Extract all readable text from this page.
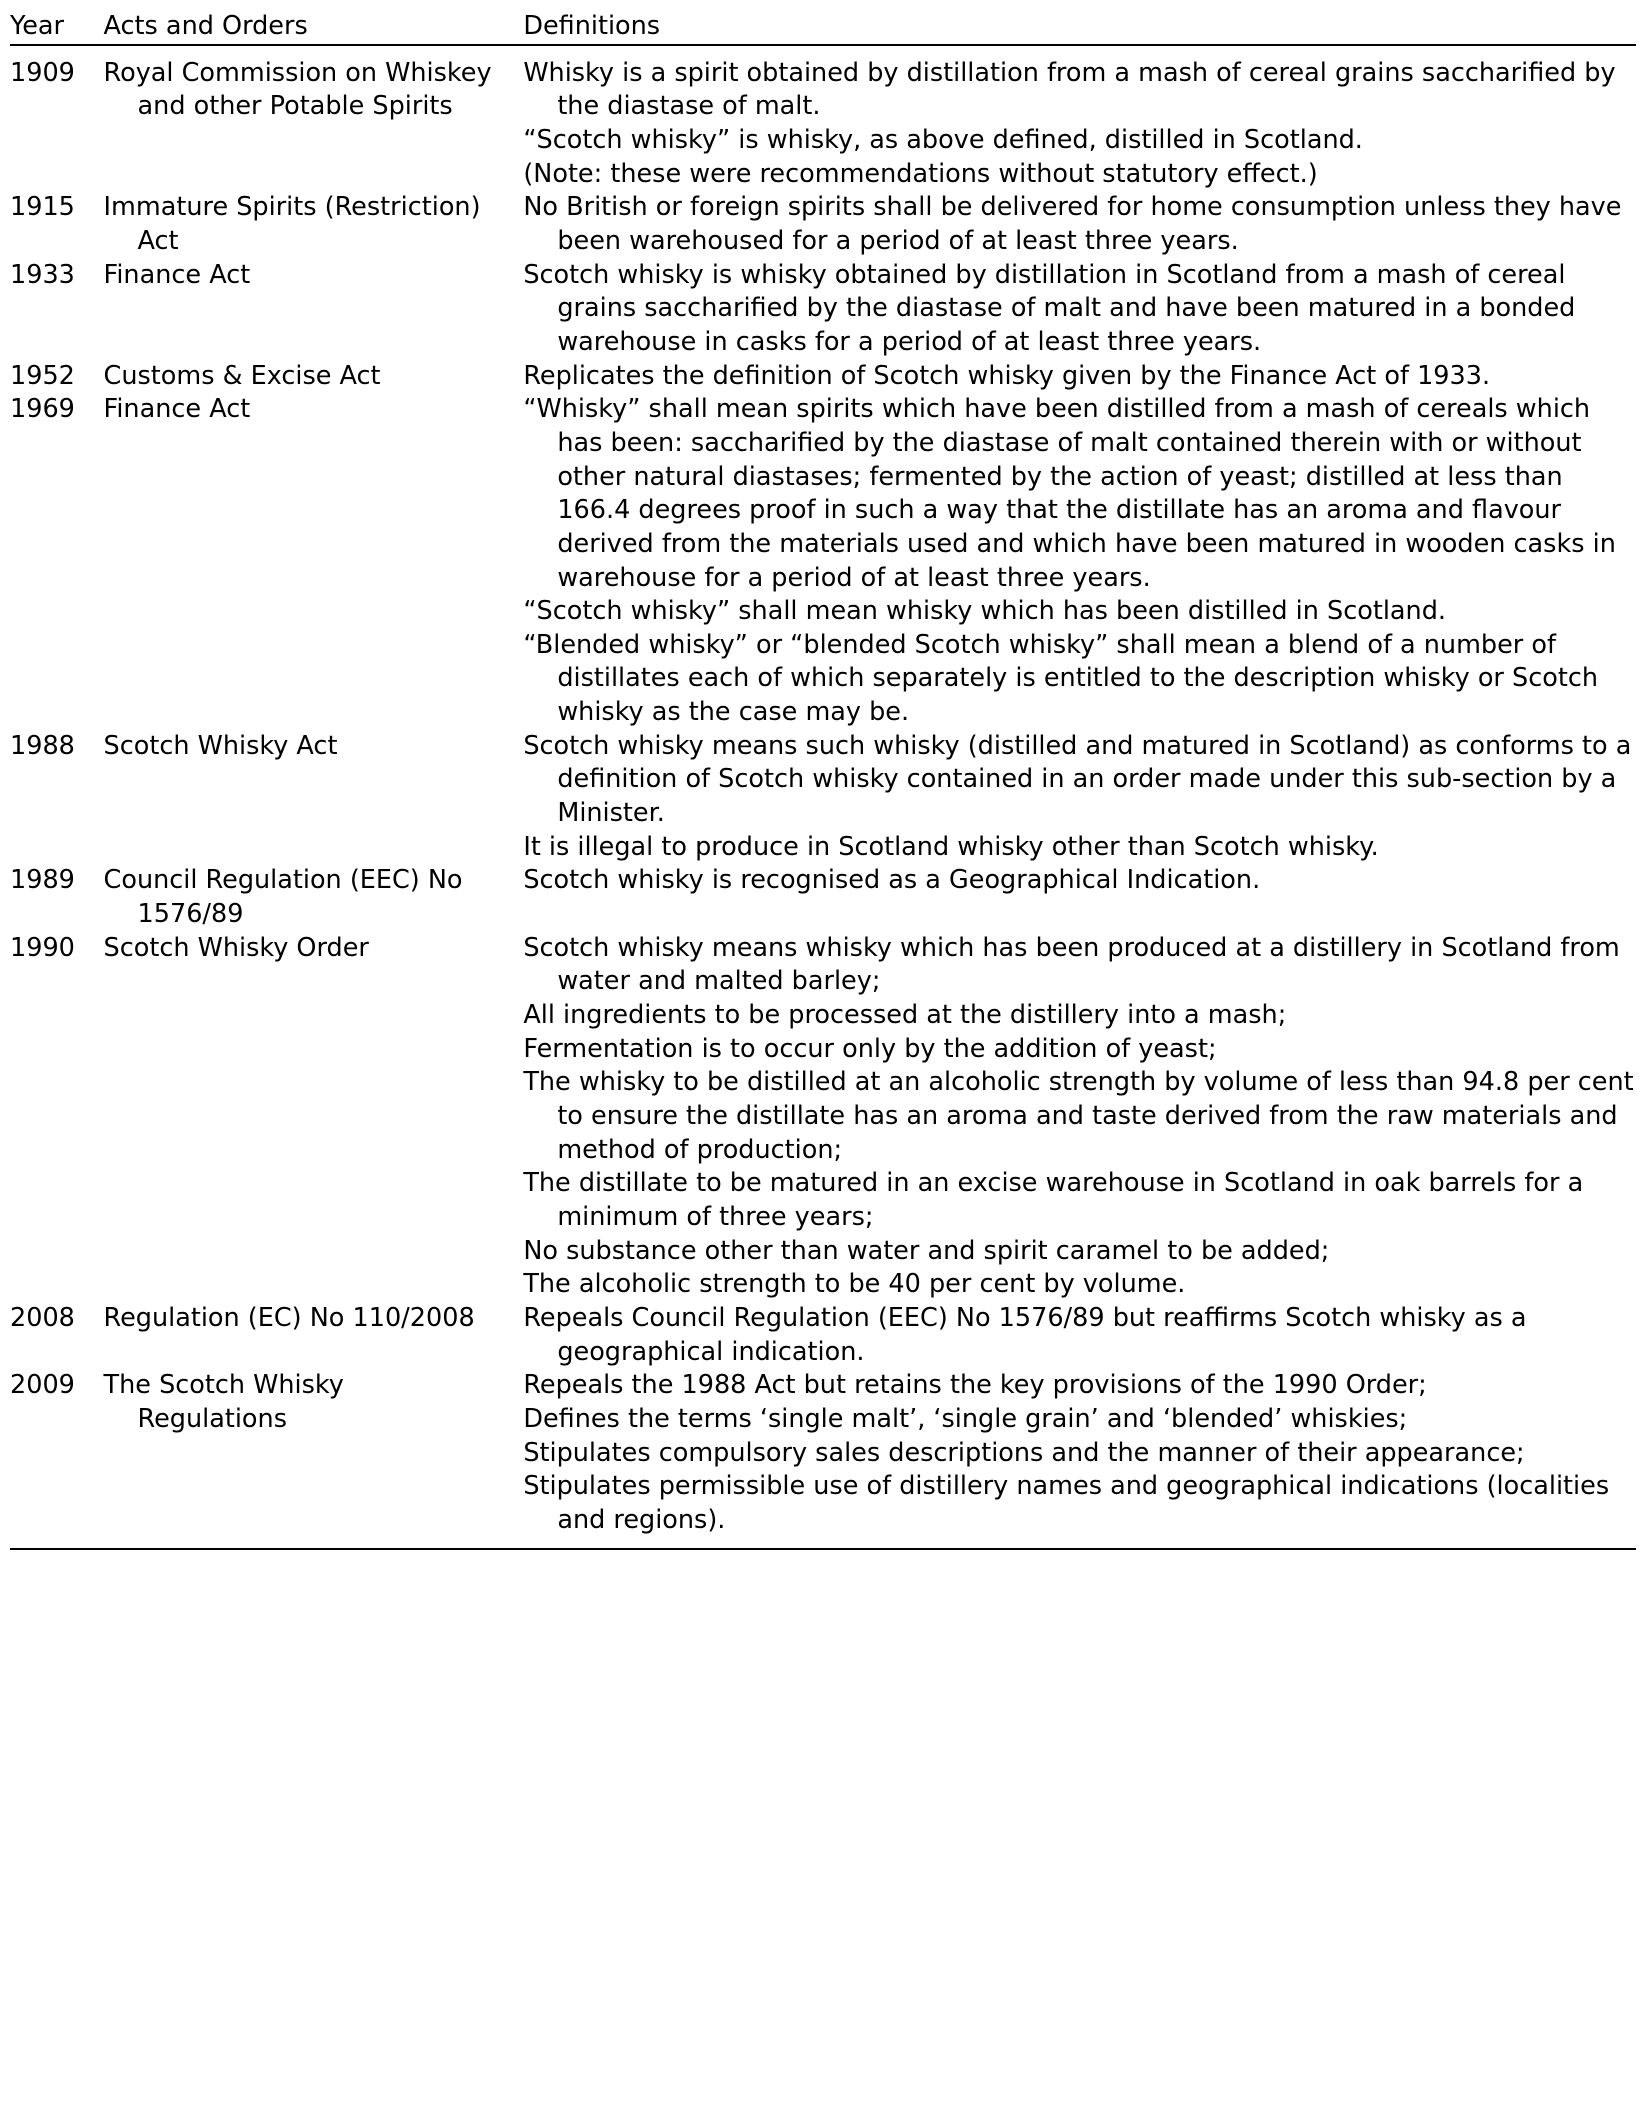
Year	Acts and Orders	Definitions
1909	Royal Commission on Whiskey and other Potable Spirits	Whisky is a spirit obtained by distillation from a mash of cereal grains saccharified by the diastase of malt.

“Scotch whisky” is whisky, as above defined, distilled in Scotland.

(Note: these were recommendations without statutory effect.)

1915	Immature Spirits (Restriction) Act	No British or foreign spirits shall be delivered for home consumption unless they have been warehoused for a period of at least three years.

1933	Finance Act	Scotch whisky is whisky obtained by distillation in Scotland from a mash of cereal grains saccharified by the diastase of malt and have been matured in a bonded warehouse in casks for a period of at least three years.

1952	Customs & Excise Act	Replicates the definition of Scotch whisky given by the Finance Act of 1933.

1969	Finance Act	“Whisky” shall mean spirits which have been distilled from a mash of cereals which has been: saccharified by the diastase of malt contained therein with or without other natural diastases; fermented by the action of yeast; distilled at less than 166.4 degrees proof in such a way that the distillate has an aroma and flavour derived from the materials used and which have been matured in wooden casks in warehouse for a period of at least three years.

“Scotch whisky” shall mean whisky which has been distilled in Scotland.

“Blended whisky” or “blended Scotch whisky” shall mean a blend of a number of distillates each of which separately is entitled to the description whisky or Scotch whisky as the case may be.

1988	Scotch Whisky Act	Scotch whisky means such whisky (distilled and matured in Scotland) as conforms to a definition of Scotch whisky contained in an order made under this sub-section by a Minister.

It is illegal to produce in Scotland whisky other than Scotch whisky.

1989	Council Regulation (EEC) No 1576/89	Scotch whisky is recognised as a Geographical Indication.

1990	Scotch Whisky Order	Scotch whisky means whisky which has been produced at a distillery in Scotland from water and malted barley;

All ingredients to be processed at the distillery into a mash;

Fermentation is to occur only by the addition of yeast;

The whisky to be distilled at an alcoholic strength by volume of less than 94.8 per cent to ensure the distillate has an aroma and taste derived from the raw materials and method of production;

The distillate to be matured in an excise warehouse in Scotland in oak barrels for a minimum of three years;

No substance other than water and spirit caramel to be added;

The alcoholic strength to be 40 per cent by volume.

2008	Regulation (EC) No 110/2008	Repeals Council Regulation (EEC) No 1576/89 but reaffirms Scotch whisky as a geographical indication.

2009	The Scotch Whisky Regulations	Repeals the 1988 Act but retains the key provisions of the 1990 Order;

Defines the terms ‘single malt’, ‘single grain’ and ‘blended’ whiskies;

Stipulates compulsory sales descriptions and the manner of their appearance;

Stipulates permissible use of distillery names and geographical indications (localities and regions).
